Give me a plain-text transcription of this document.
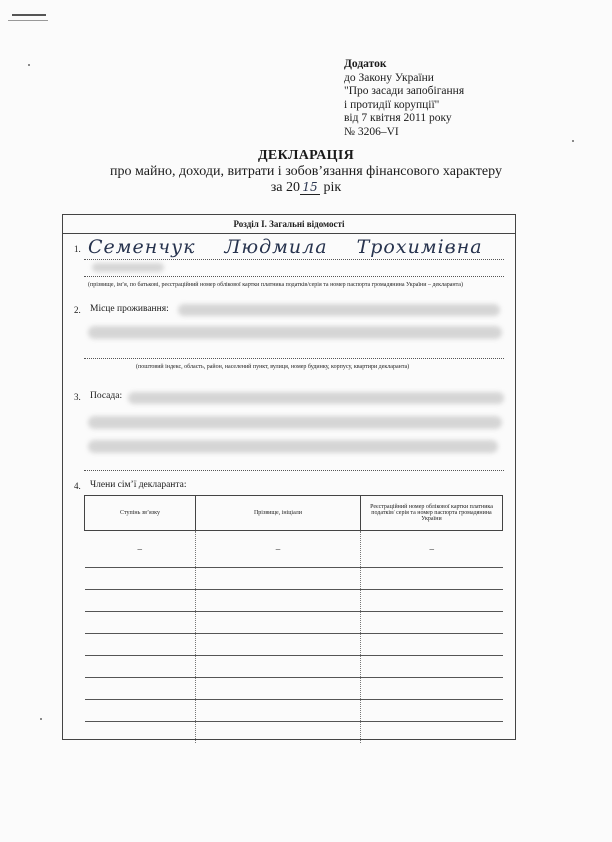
Додаток
до Закону України
"Про засади запобігання
і протидії корупції"
від 7 квітня 2011 року
№ 3206–VI
ДЕКЛАРАЦІЯ
про майно, доходи, витрати і зобов’язання фінансового характеру
за 20 15 рік
Розділ І. Загальні відомості
1. Семенчук Людмила Трохимівна
(прізвище, ім’я, по батькові, реєстраційний номер облікової картки платника податків/серія та номер паспорта громадянина України – декларанта)
2. Місце проживання:
(поштовий індекс, область, район, населений пункт, вулиця, номер будинку, корпусу, квартири декларанта)
3. Посада:
4. Члени сім’ї декларанта:
Ступінь зв’язку	Прізвище, ініціали	Реєстраційний номер облікової картки платника податків/ серія та номер паспорта громадянина України
–	–	–
